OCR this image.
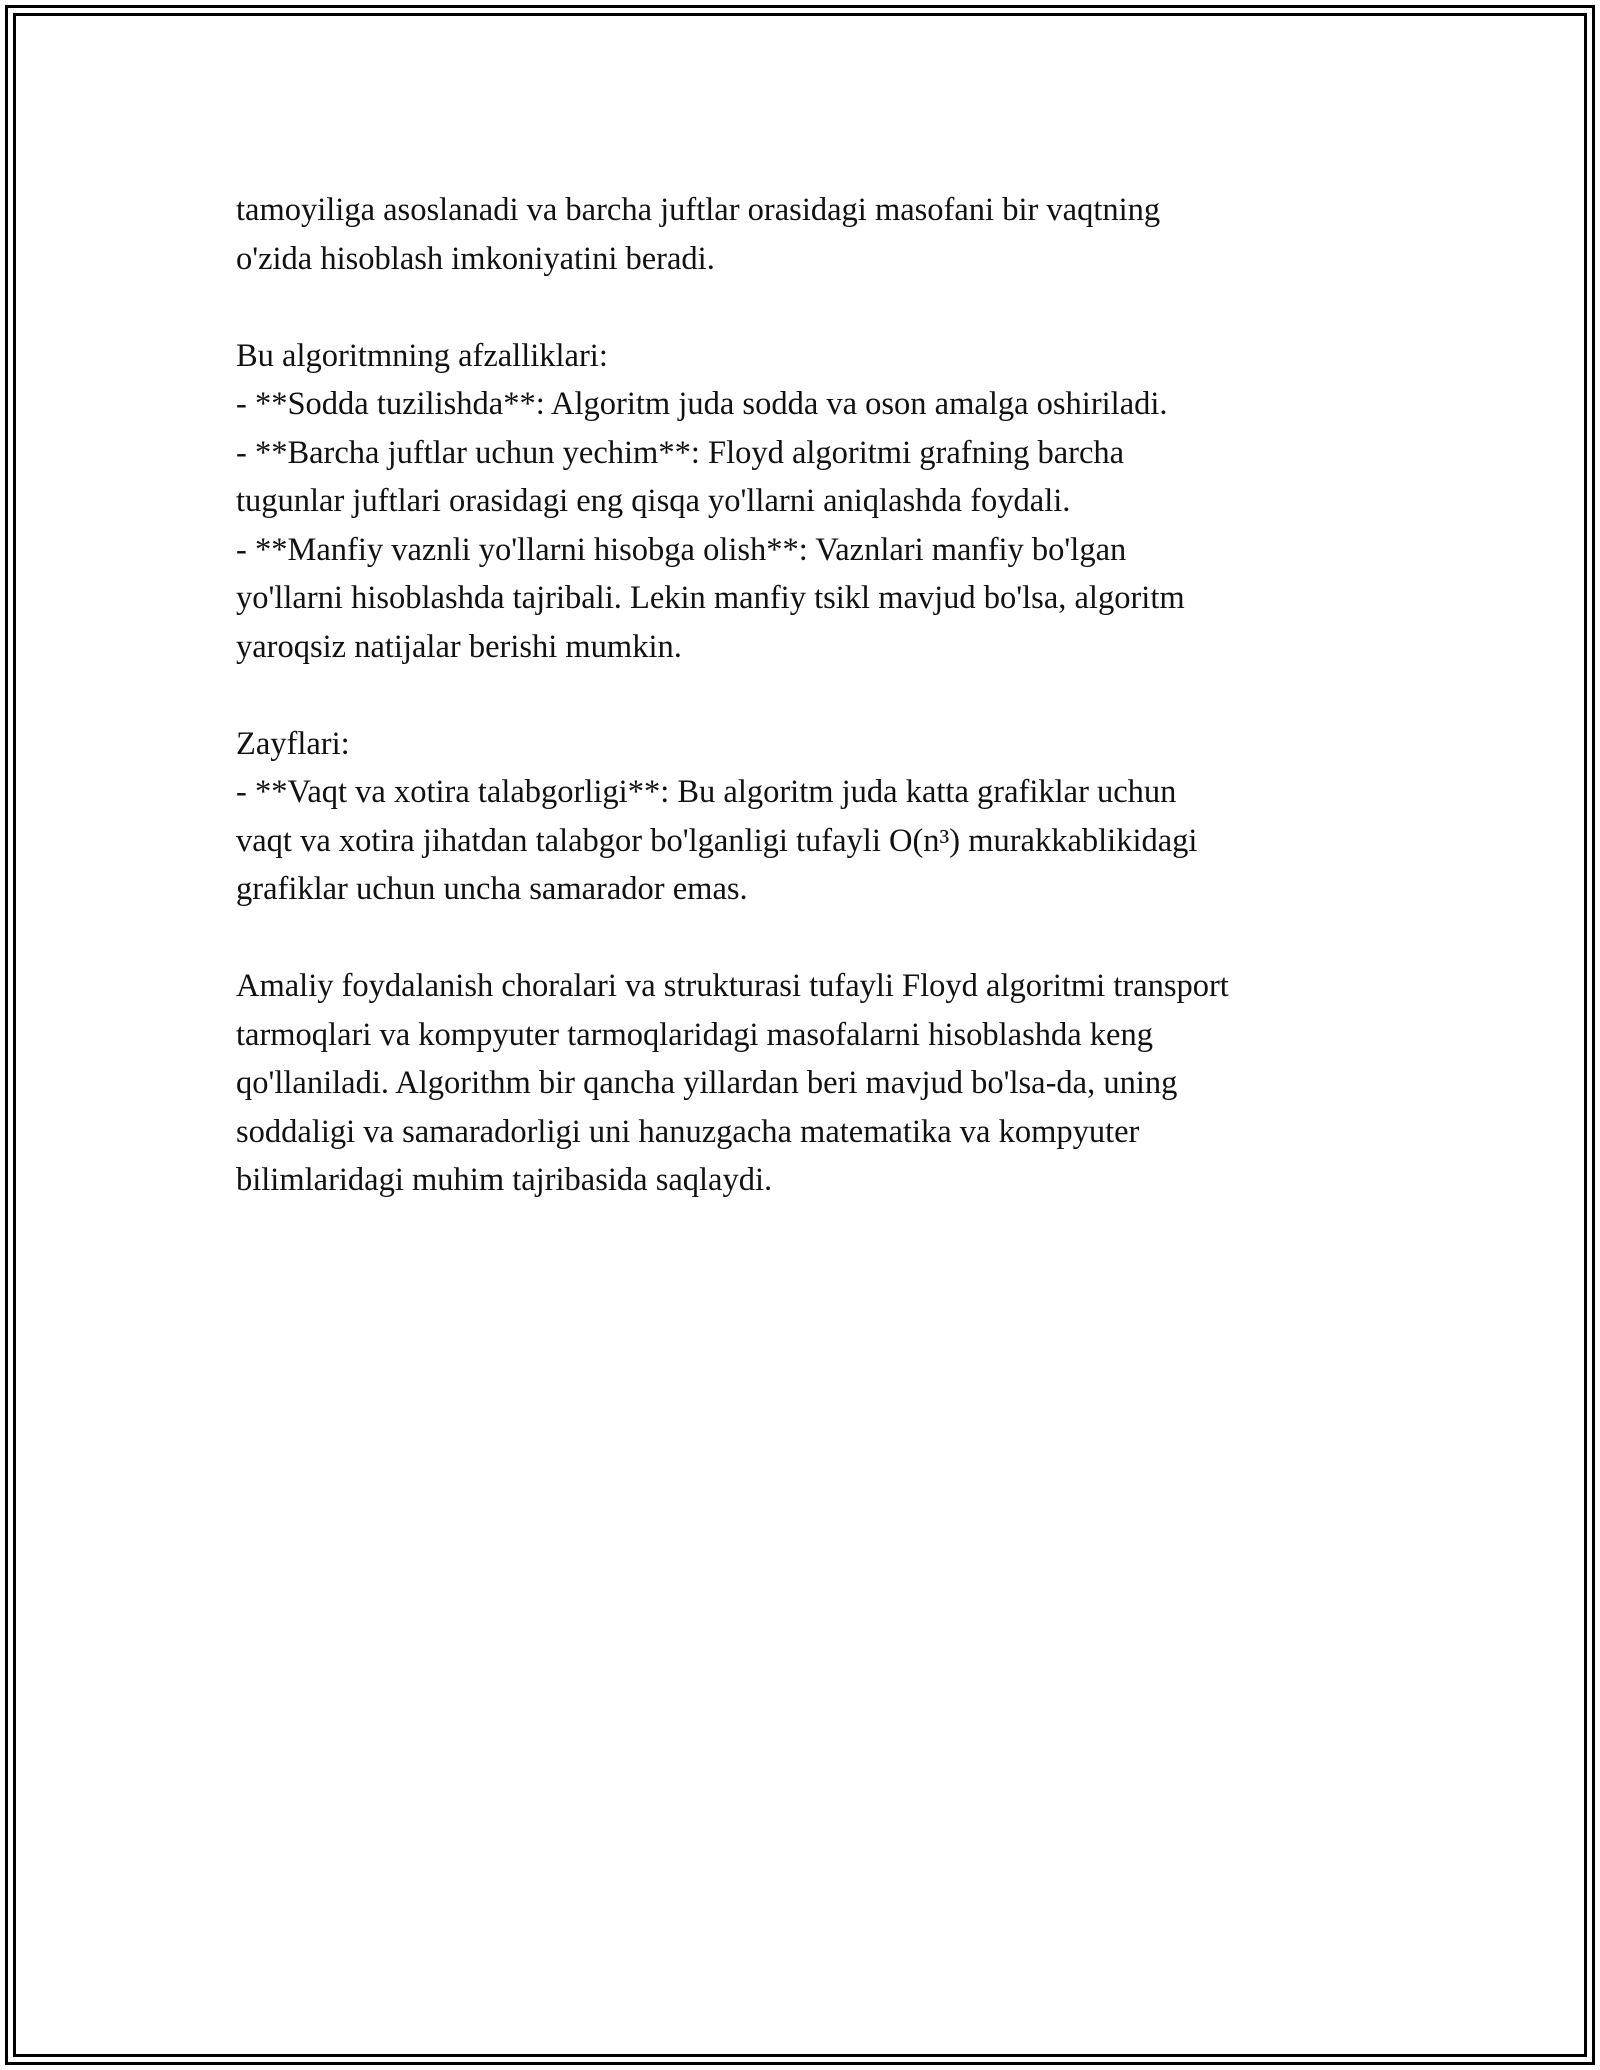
tamoyiliga asoslanadi va barcha juftlar orasidagi masofani bir vaqtning
o'zida hisoblash imkoniyatini beradi.
Bu algoritmning afzalliklari:
- **Sodda tuzilishda**: Algoritm juda sodda va oson amalga oshiriladi.
- **Barcha juftlar uchun yechim**: Floyd algoritmi grafning barcha
tugunlar juftlari orasidagi eng qisqa yo'llarni aniqlashda foydali.
- **Manfiy vaznli yo'llarni hisobga olish**: Vaznlari manfiy bo'lgan
yo'llarni hisoblashda tajribali. Lekin manfiy tsikl mavjud bo'lsa, algoritm
yaroqsiz natijalar berishi mumkin.
Zayflari:
- **Vaqt va xotira talabgorligi**: Bu algoritm juda katta grafiklar uchun
vaqt va xotira jihatdan talabgor bo'lganligi tufayli O(n³) murakkablikidagi
grafiklar uchun uncha samarador emas.
Amaliy foydalanish choralari va strukturasi tufayli Floyd algoritmi transport
tarmoqlari va kompyuter tarmoqlaridagi masofalarni hisoblashda keng
qo'llaniladi. Algorithm bir qancha yillardan beri mavjud bo'lsa-da, uning
soddaligi va samaradorligi uni hanuzgacha matematika va kompyuter
bilimlaridagi muhim tajribasida saqlaydi.
